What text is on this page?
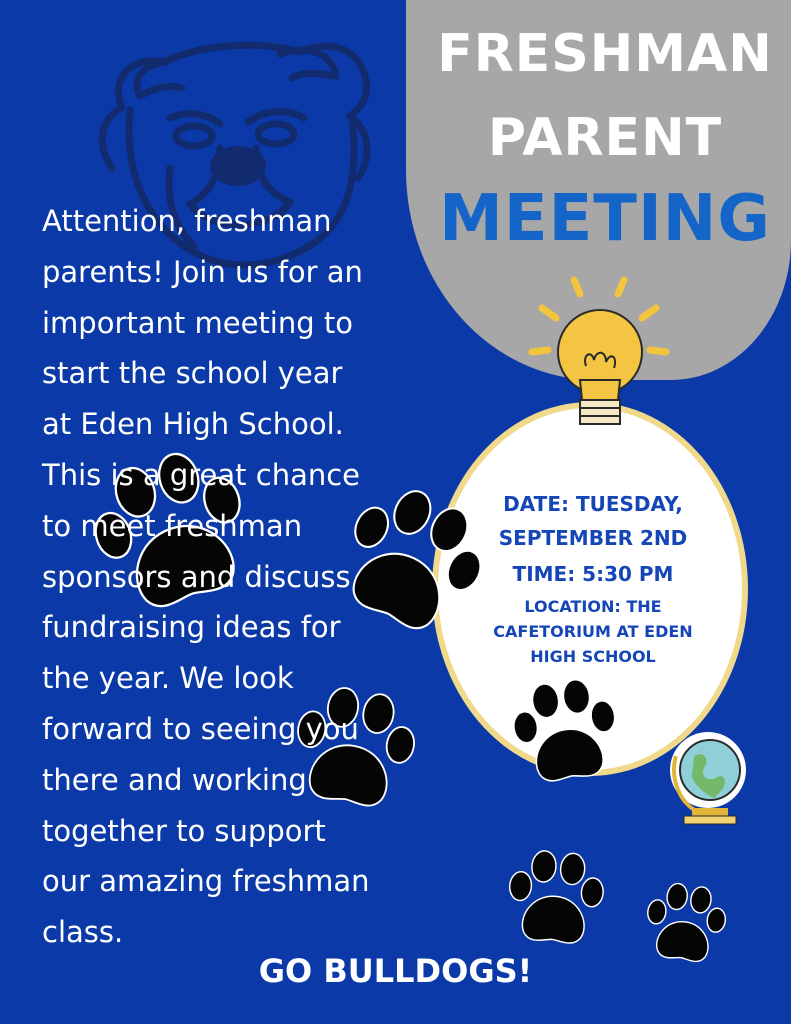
FRESHMAN
PARENT
MEETING
Attention, freshman
parents! Join us for an
important meeting to
start the school year
at Eden High School.
This is a great chance
to meet freshman
sponsors and discuss
fundraising ideas for
the year. We look
forward to seeing you
there and working
together to support
our amazing freshman
class.
DATE: TUESDAY,
SEPTEMBER 2ND
TIME: 5:30 PM
LOCATION: THE CAFETORIUM AT EDEN HIGH SCHOOL
GO BULLDOGS!
